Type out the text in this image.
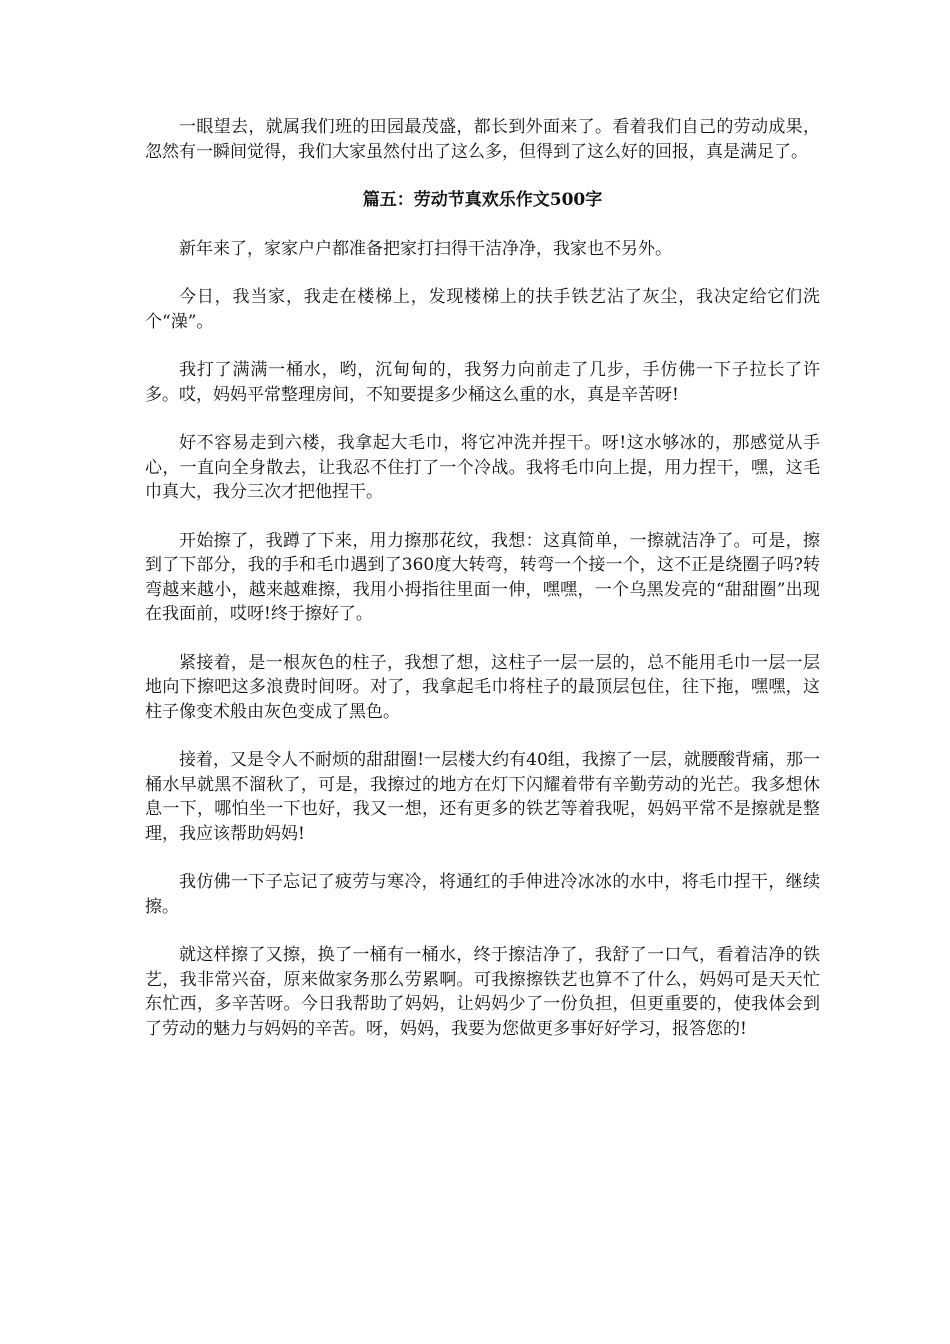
一眼望去，就属我们班的田园最茂盛，都长到外面来了。看着我们自己的劳动成果，忽然有一瞬间觉得，我们大家虽然付出了这么多，但得到了这么好的回报，真是满足了。

篇五：劳动节真欢乐作文500字

新年来了，家家户户都准备把家打扫得干洁净净，我家也不另外。

今日，我当家，我走在楼梯上，发现楼梯上的扶手铁艺沾了灰尘，我决定给它们洗个“澡”。

我打了满满一桶水，哟，沉甸甸的，我努力向前走了几步，手仿佛一下子拉长了许多。哎，妈妈平常整理房间，不知要提多少桶这么重的水，真是辛苦呀!

好不容易走到六楼，我拿起大毛巾，将它冲洗并捏干。呀!这水够冰的，那感觉从手心，一直向全身散去，让我忍不住打了一个冷战。我将毛巾向上提，用力捏干，嘿，这毛巾真大，我分三次才把他捏干。

开始擦了，我蹲了下来，用力擦那花纹，我想：这真简单，一擦就洁净了。可是，擦到了下部分，我的手和毛巾遇到了360度大转弯，转弯一个接一个，这不正是绕圈子吗?转弯越来越小，越来越难擦，我用小拇指往里面一伸，嘿嘿，一个乌黑发亮的“甜甜圈”出现在我面前，哎呀!终于擦好了。

紧接着，是一根灰色的柱子，我想了想，这柱子一层一层的，总不能用毛巾一层一层地向下擦吧这多浪费时间呀。对了，我拿起毛巾将柱子的最顶层包住，往下拖，嘿嘿，这柱子像变术般由灰色变成了黑色。

接着，又是令人不耐烦的甜甜圈!一层楼大约有40组，我擦了一层，就腰酸背痛，那一桶水早就黑不溜秋了，可是，我擦过的地方在灯下闪耀着带有辛勤劳动的光芒。我多想休息一下，哪怕坐一下也好，我又一想，还有更多的铁艺等着我呢，妈妈平常不是擦就是整理，我应该帮助妈妈!

我仿佛一下子忘记了疲劳与寒冷，将通红的手伸进冷冰冰的水中，将毛巾捏干，继续擦。

就这样擦了又擦，换了一桶有一桶水，终于擦洁净了，我舒了一口气，看着洁净的铁艺，我非常兴奋，原来做家务那么劳累啊。可我擦擦铁艺也算不了什么，妈妈可是天天忙东忙西，多辛苦呀。今日我帮助了妈妈，让妈妈少了一份负担，但更重要的，使我体会到了劳动的魅力与妈妈的辛苦。呀，妈妈，我要为您做更多事好好学习，报答您的!
